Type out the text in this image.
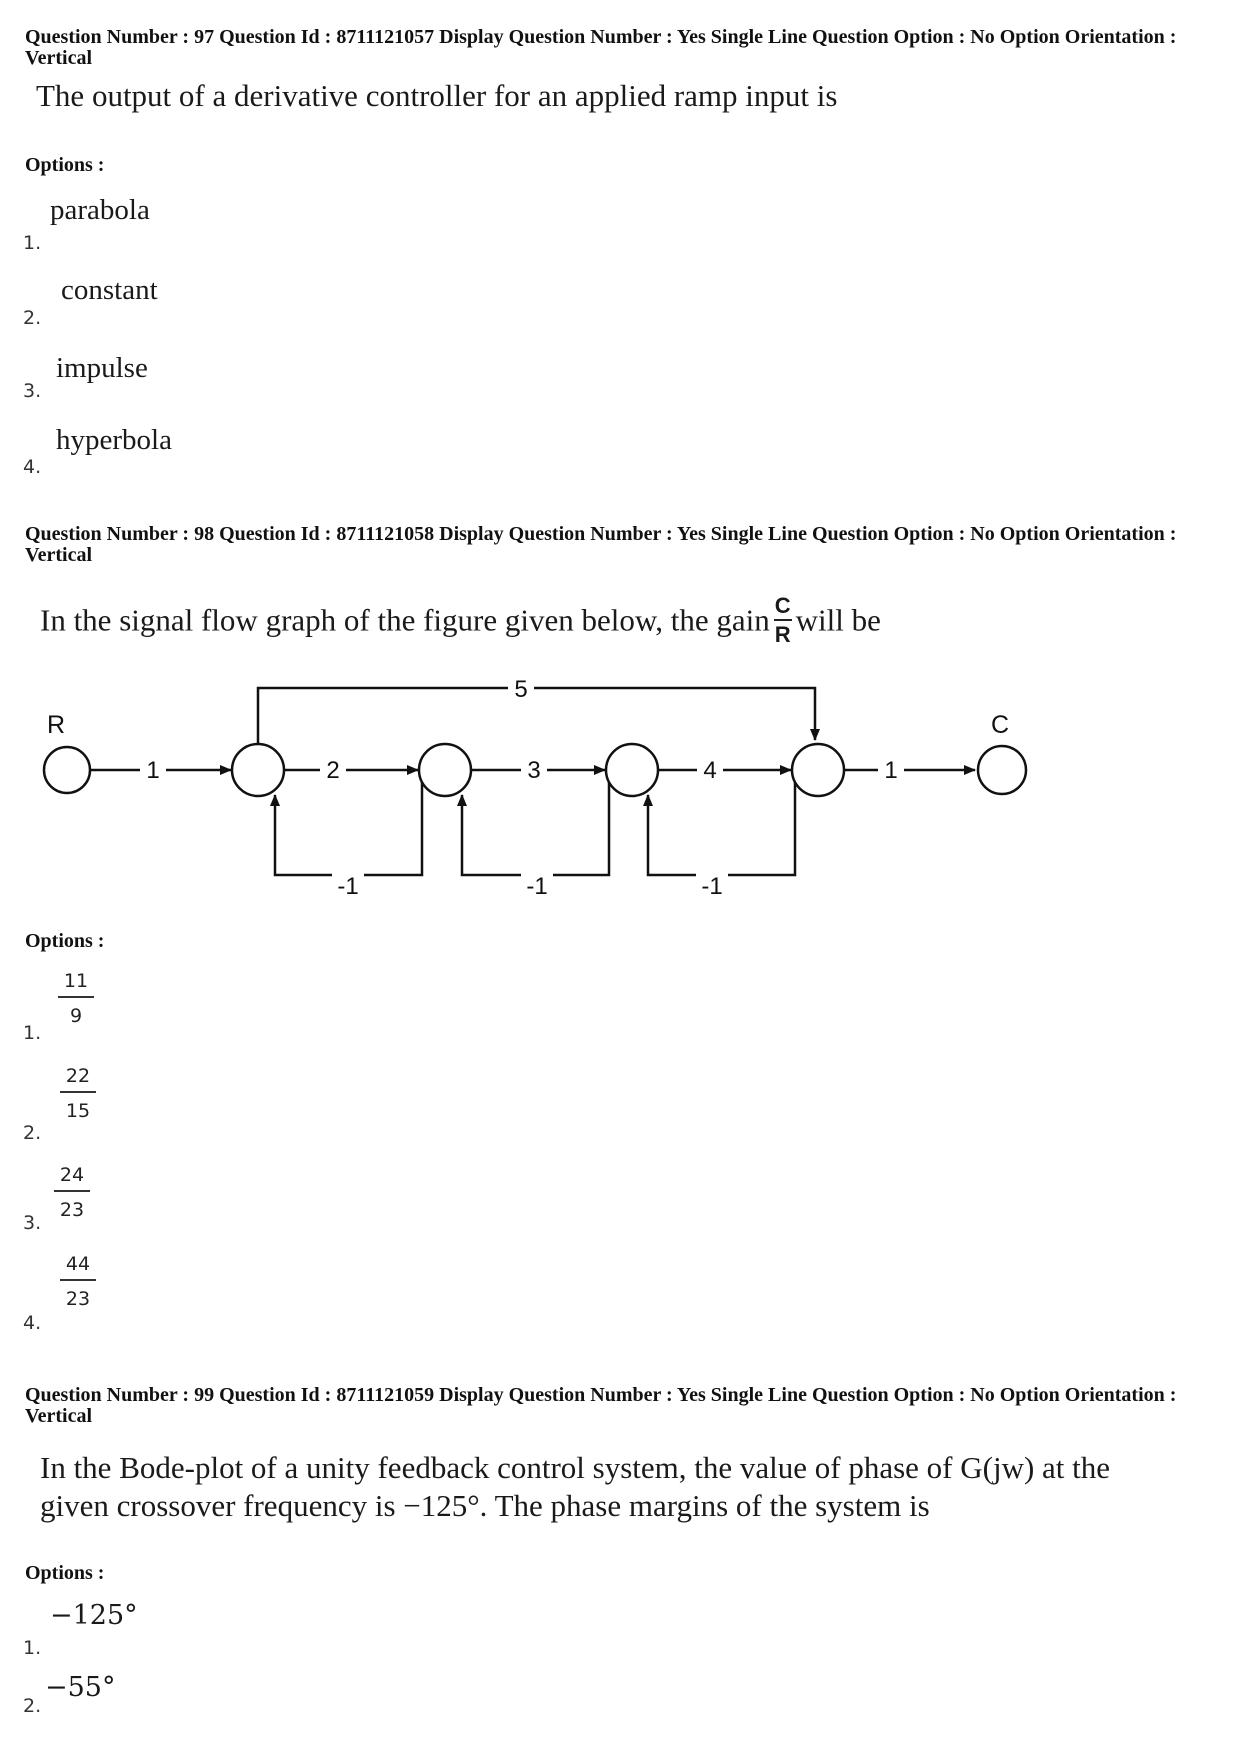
Question Number : 97 Question Id : 8711121057 Display Question Number : Yes Single Line Question Option : No Option Orientation : Vertical
The output of a derivative controller for an applied ramp input is
Options :
parabola
1.
constant
2.
impulse
3.
hyperbola
4.
Question Number : 98 Question Id : 8711121058 Display Question Number : Yes Single Line Question Option : No Option Orientation : Vertical
In the signal flow graph of the figure given below, the gain $\frac{C}{R}$ will be
R	C
1	2	3	4	1
5
-1	-1	-1
Options :
$\frac{11}{9}$
1.
$\frac{22}{15}$
2.
$\frac{24}{23}$
3.
$\frac{44}{23}$
4.
Question Number : 99 Question Id : 8711121059 Display Question Number : Yes Single Line Question Option : No Option Orientation : Vertical
In the Bode-plot of a unity feedback control system, the value of phase of G(jw) at the
given crossover frequency is −125°. The phase margins of the system is
Options :
−125°
1.
−55°
2.
